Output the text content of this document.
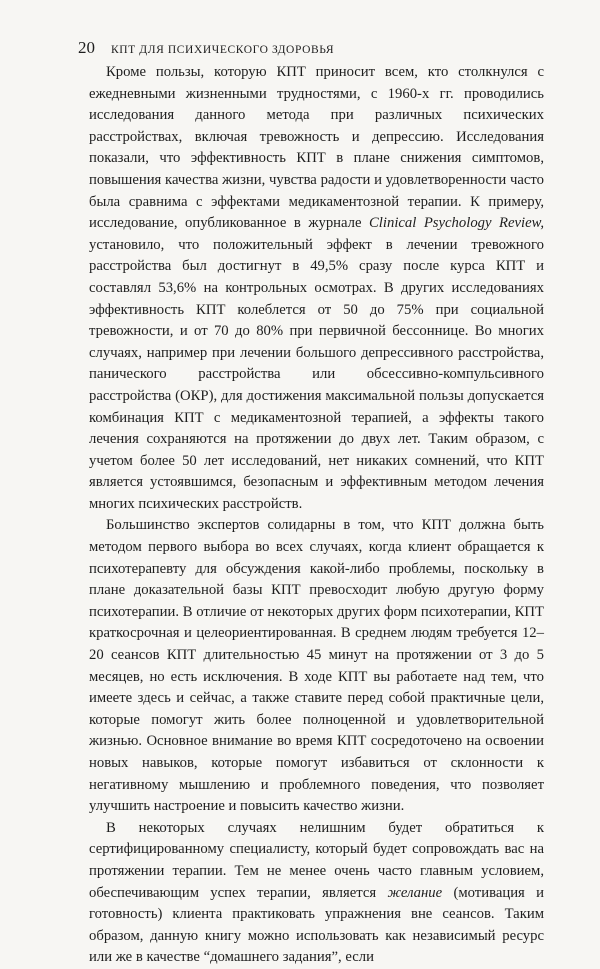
20 КПТ ДЛЯ ПСИХИЧЕСКОГО ЗДОРОВЬЯ

Кроме пользы, которую КПТ приносит всем, кто столкнулся с ежедневными жизненными трудностями, с 1960-х гг. проводились исследования данного метода при различных психических расстройствах, включая тревожность и депрессию. Исследования показали, что эффективность КПТ в плане снижения симптомов, повышения качества жизни, чувства радости и удовлетворенности часто была сравнима с эффектами медикаментозной терапии. К примеру, исследование, опубликованное в журнале Clinical Psychology Review, установило, что положительный эффект в лечении тревожного расстройства был достигнут в 49,5% сразу после курса КПТ и составлял 53,6% на контрольных осмотрах. В других исследованиях эффективность КПТ колеблется от 50 до 75% при социальной тревожности, и от 70 до 80% при первичной бессоннице. Во многих случаях, например при лечении большого депрессивного расстройства, панического расстройства или обсессивно-компульсивного расстройства (ОКР), для достижения максимальной пользы допускается комбинация КПТ с медикаментозной терапией, а эффекты такого лечения сохраняются на протяжении до двух лет. Таким образом, с учетом более 50 лет исследований, нет никаких сомнений, что КПТ является устоявшимся, безопасным и эффективным методом лечения многих психических расстройств.

Большинство экспертов солидарны в том, что КПТ должна быть методом первого выбора во всех случаях, когда клиент обращается к психотерапевту для обсуждения какой-либо проблемы, поскольку в плане доказательной базы КПТ превосходит любую другую форму психотерапии. В отличие от некоторых других форм психотерапии, КПТ краткосрочная и целеориентированная. В среднем людям требуется 12–20 сеансов КПТ длительностью 45 минут на протяжении от 3 до 5 месяцев, но есть исключения. В ходе КПТ вы работаете над тем, что имеете здесь и сейчас, а также ставите перед собой практичные цели, которые помогут жить более полноценной и удовлетворительной жизнью. Основное внимание во время КПТ сосредоточено на освоении новых навыков, которые помогут избавиться от склонности к негативному мышлению и проблемного поведения, что позволяет улучшить настроение и повысить качество жизни.

В некоторых случаях нелишним будет обратиться к сертифицированному специалисту, который будет сопровождать вас на протяжении терапии. Тем не менее очень часто главным условием, обеспечивающим успех терапии, является желание (мотивация и готовность) клиента практиковать упражнения вне сеансов. Таким образом, данную книгу можно использовать как независимый ресурс или же в качестве “домашнего задания”, если
